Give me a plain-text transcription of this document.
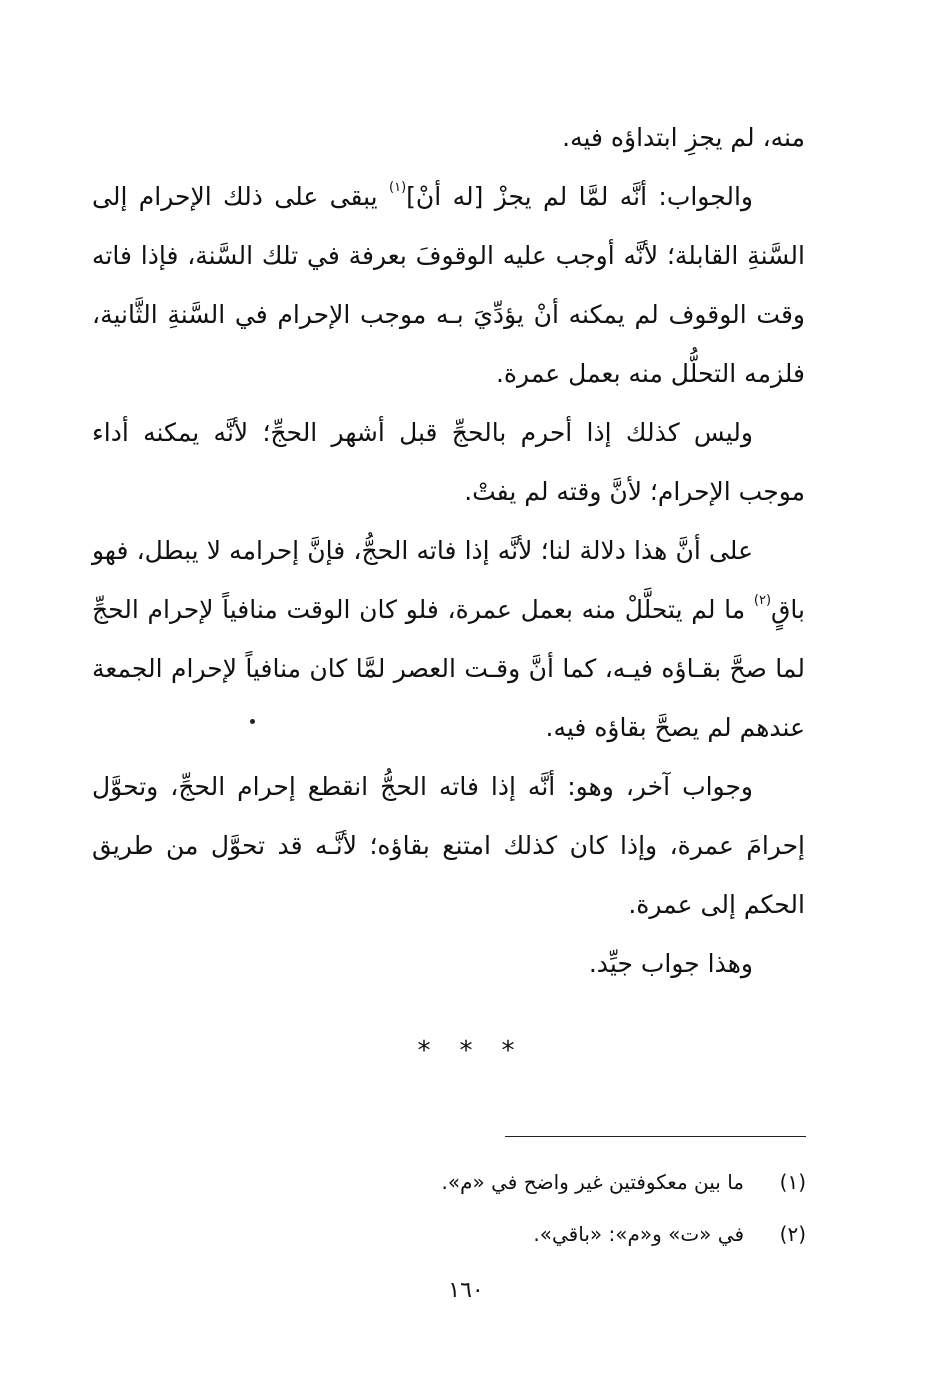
منه، لم يجزِ ابتداؤه فيه.

والجواب: أنَّه لمَّا لم يجزْ [له أنْ]$^{(١)}$ يبقى على ذلك الإحرام إلى السَّنةِ القابلة؛ لأنَّه أوجب عليه الوقوفَ بعرفة في تلك السَّنة، فإذا فاته وقت الوقوف لم يمكنه أنْ يؤدِّيَ بـه موجب الإحرام في السَّنةِ الثَّانية، فلزمه التحلُّل منه بعمل عمرة.

وليس كذلك إذا أحرم بالحجِّ قبل أشهر الحجِّ؛ لأنَّه يمكنه أداء موجب الإحرام؛ لأنَّ وقته لم يفتْ.

على أنَّ هذا دلالة لنا؛ لأنَّه إذا فاته الحجُّ، فإنَّ إحرامه لا يبطل، فهو باقٍ$^{(٢)}$ ما لم يتحلَّلْ منه بعمل عمرة، فلو كان الوقت منافياً لإحرام الحجِّ لما صحَّ بقـاؤه فيـه، كما أنَّ وقـت العصر لمَّا كان منافياً لإحرام الجمعة عندهم لم يصحَّ بقاؤه فيه.

وجواب آخر، وهو: أنَّه إذا فاته الحجُّ انقطع إحرام الحجِّ، وتحوَّل إحرامَ عمرة، وإذا كان كذلك امتنع بقاؤه؛ لأنَّـه قد تحوَّل من طريق الحكم إلى عمرة.

وهذا جواب جيِّد.

* * *
(١)
ما بين معكوفتين غير واضح في «م».
(٢)
في «ت» و«م»: «باقي».
١٦٠
